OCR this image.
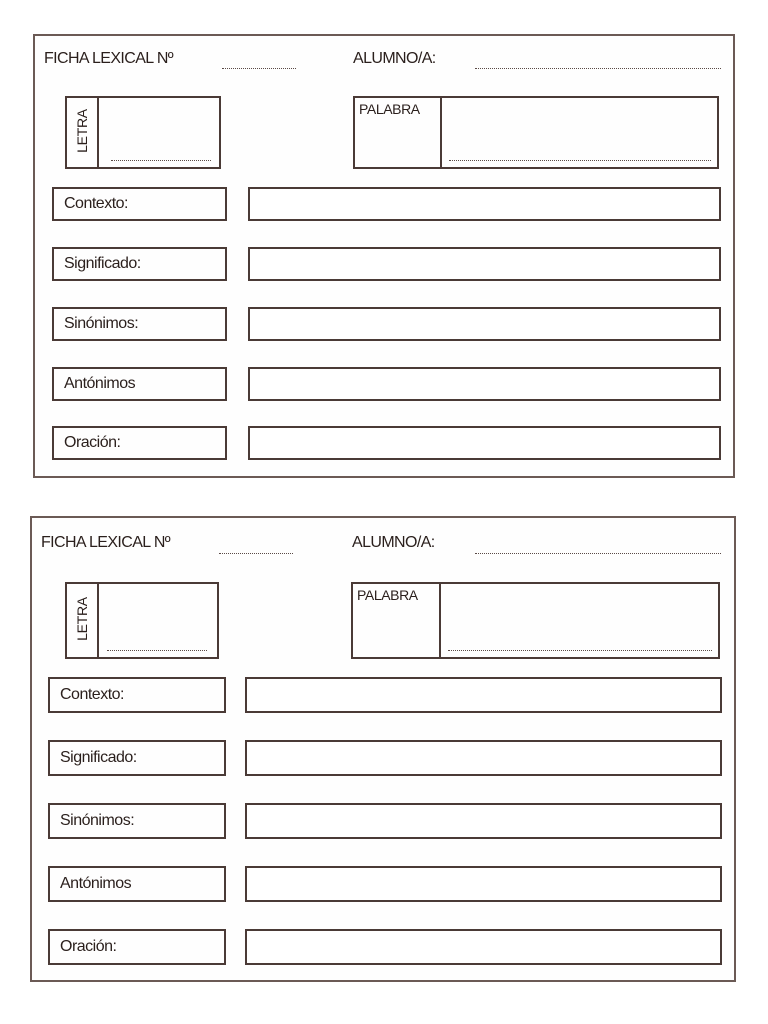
FICHA LEXICAL Nº	ALUMNO/A:
LETRA
PALABRA
Contexto:
Significado:
Sinónimos:
Antónimos
Oración:
FICHA LEXICAL Nº	ALUMNO/A:
LETRA
PALABRA
Contexto:
Significado:
Sinónimos:
Antónimos
Oración:
